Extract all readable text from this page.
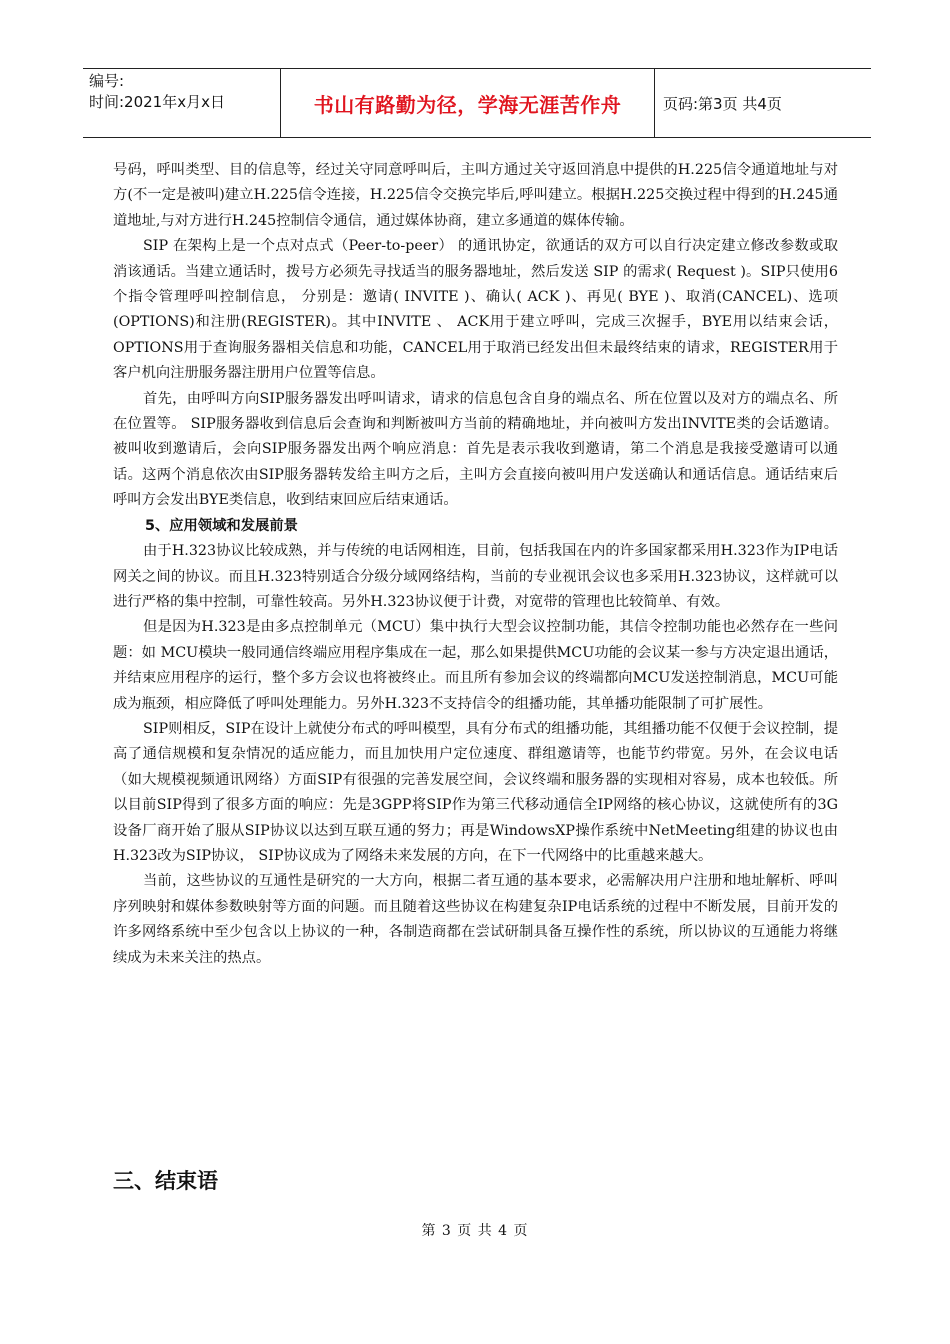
编号:
时间:2021年x月x日	书山有路勤为径，学海无涯苦作舟	页码:第3页 共4页

号码，呼叫类型、目的信息等，经过关守同意呼叫后，主叫方通过关守返回消息中提供的H.225信令通道地址与对方(不一定是被叫)建立H.225信令连接，H.225信令交换完毕后,呼叫建立。根据H.225交换过程中得到的H.245通道地址,与对方进行H.245控制信令通信，通过媒体协商，建立多通道的媒体传输。

SIP 在架构上是一个点对点式（Peer-to-peer） 的通讯协定，欲通话的双方可以自行决定建立修改参数或取消该通话。当建立通话时，拨号方必须先寻找适当的服务器地址，然后发送 SIP 的需求( Request )。SIP只使用6个指令管理呼叫控制信息， 分别是：邀请( INVITE )、确认( ACK )、再见( BYE )、取消(CANCEL)、选项(OPTIONS)和注册(REGISTER)。其中INVITE 、 ACK用于建立呼叫，完成三次握手，BYE用以结束会话，OPTIONS用于查询服务器相关信息和功能，CANCEL用于取消已经发出但未最终结束的请求，REGISTER用于客户机向注册服务器注册用户位置等信息。

首先，由呼叫方向SIP服务器发出呼叫请求，请求的信息包含自身的端点名、所在位置以及对方的端点名、所在位置等。 SIP服务器收到信息后会查询和判断被叫方当前的精确地址，并向被叫方发出INVITE类的会话邀请。被叫收到邀请后，会向SIP服务器发出两个响应消息：首先是表示我收到邀请，第二个消息是我接受邀请可以通话。这两个消息依次由SIP服务器转发给主叫方之后，主叫方会直接向被叫用户发送确认和通话信息。通话结束后呼叫方会发出BYE类信息，收到结束回应后结束通话。

5、应用领域和发展前景

由于H.323协议比较成熟，并与传统的电话网相连，目前，包括我国在内的许多国家都采用H.323作为IP电话网关之间的协议。而且H.323特别适合分级分域网络结构，当前的专业视讯会议也多采用H.323协议，这样就可以进行严格的集中控制，可靠性较高。另外H.323协议便于计费，对宽带的管理也比较简单、有效。

但是因为H.323是由多点控制单元（MCU）集中执行大型会议控制功能，其信令控制功能也必然存在一些问题：如 MCU模块一般同通信终端应用程序集成在一起，那么如果提供MCU功能的会议某一参与方决定退出通话，并结束应用程序的运行，整个多方会议也将被终止。而且所有参加会议的终端都向MCU发送控制消息，MCU可能成为瓶颈，相应降低了呼叫处理能力。另外H.323不支持信令的组播功能，其单播功能限制了可扩展性。

SIP则相反，SIP在设计上就使分布式的呼叫模型，具有分布式的组播功能，其组播功能不仅便于会议控制，提高了通信规模和复杂情况的适应能力，而且加快用户定位速度、群组邀请等，也能节约带宽。另外，在会议电话（如大规模视频通讯网络）方面SIP有很强的完善发展空间，会议终端和服务器的实现相对容易，成本也较低。所以目前SIP得到了很多方面的响应：先是3GPP将SIP作为第三代移动通信全IP网络的核心协议，这就使所有的3G设备厂商开始了服从SIP协议以达到互联互通的努力；再是WindowsXP操作系统中NetMeeting组建的协议也由H.323改为SIP协议， SIP协议成为了网络未来发展的方向，在下一代网络中的比重越来越大。

当前，这些协议的互通性是研究的一大方向，根据二者互通的基本要求，必需解决用户注册和地址解析、呼叫序列映射和媒体参数映射等方面的问题。而且随着这些协议在构建复杂IP电话系统的过程中不断发展，目前开发的许多网络系统中至少包含以上协议的一种，各制造商都在尝试研制具备互操作性的系统，所以协议的互通能力将继续成为未来关注的热点。

三、结束语
第 3 页 共 4 页
